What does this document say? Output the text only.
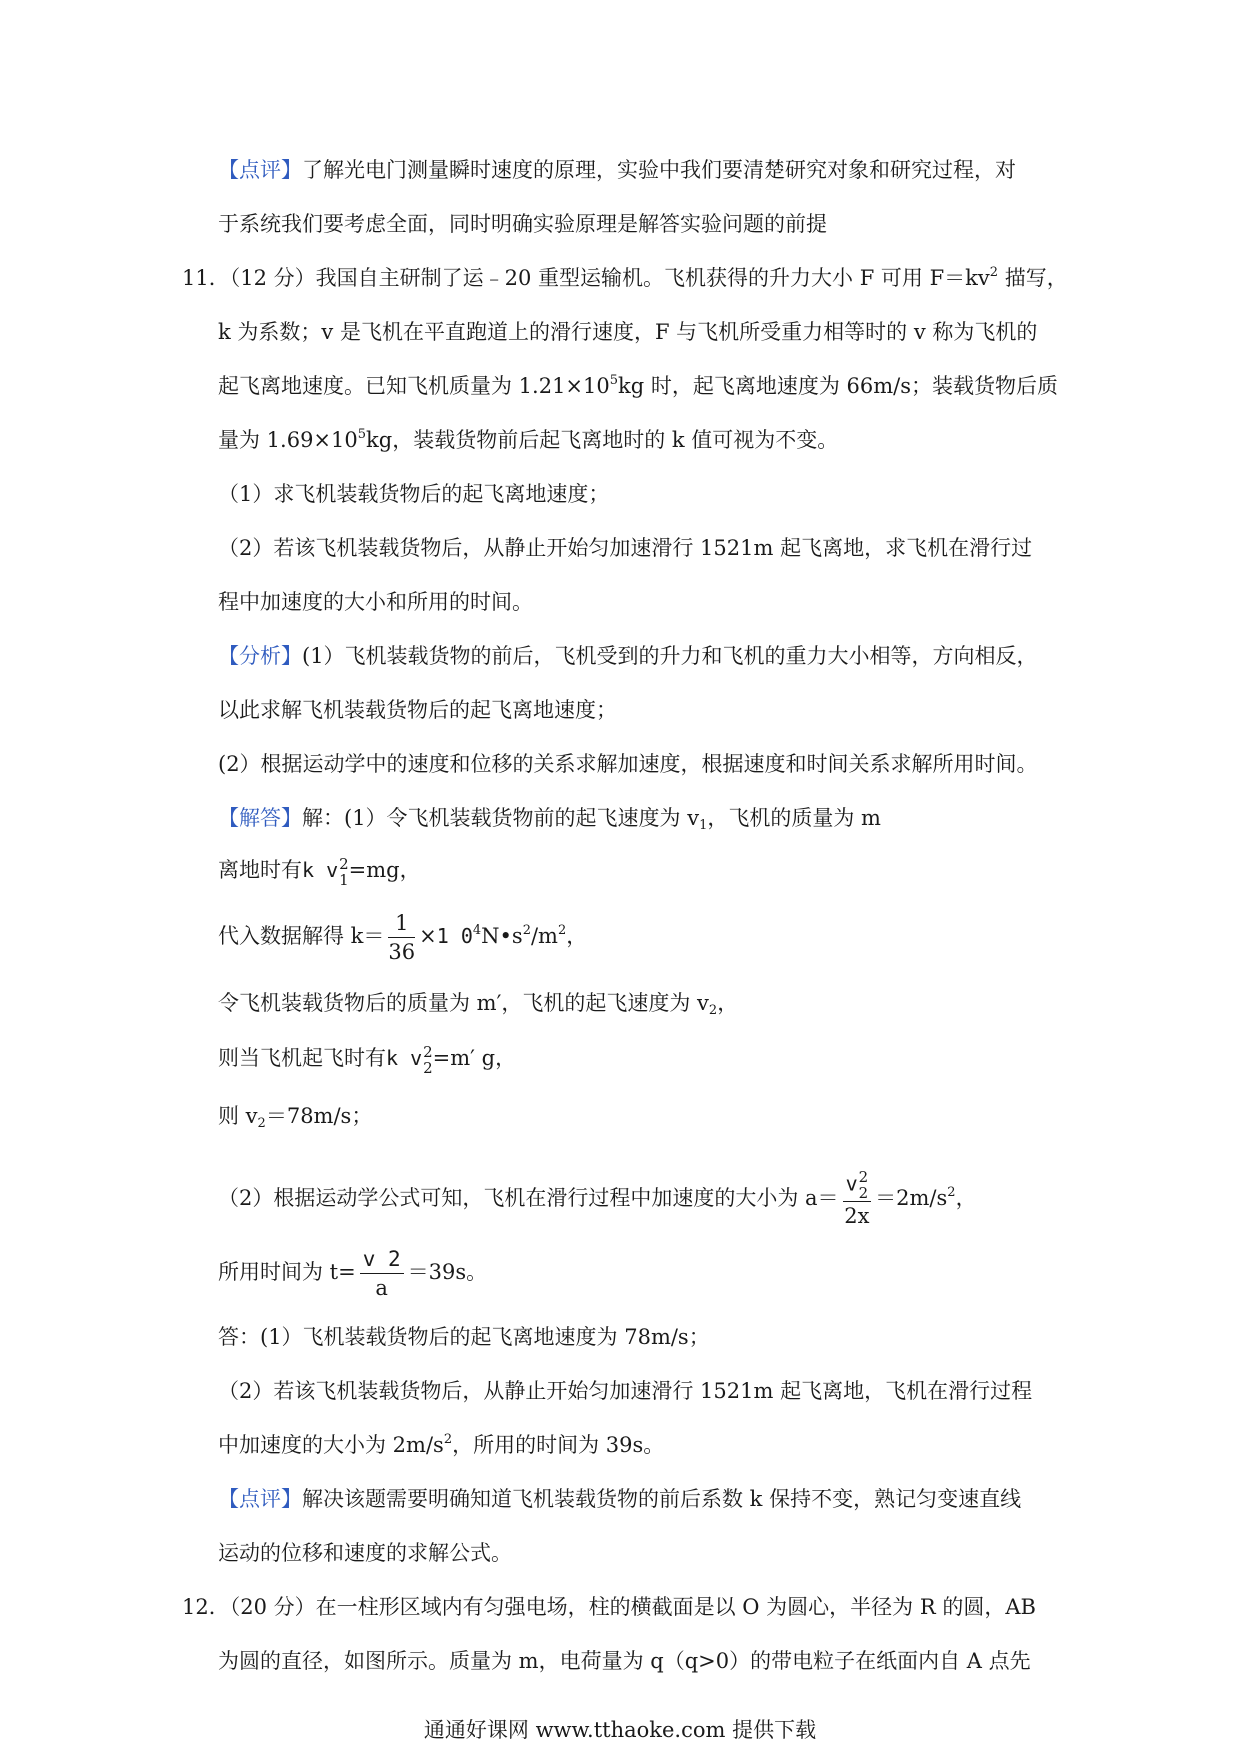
【点评】了解光电门测量瞬时速度的原理，实验中我们要清楚研究对象和研究过程，对
于系统我们要考虑全面，同时明确实验原理是解答实验问题的前提
11．（12 分）我国自主研制了运﹣20 重型运输机。飞机获得的升力大小 F 可用 $F=kv^2$ 描写，
k 为系数；v 是飞机在平直跑道上的滑行速度，F 与飞机所受重力相等时的 v 称为飞机的
起飞离地速度。已知飞机质量为 $1.21\times 10^5kg$ 时，起飞离地速度为 66m/s；装载货物后质
量为 $1.69\times 10^5kg$，装载货物前后起飞离地时的 k 值可视为不变。
（1）求飞机装载货物后的起飞离地速度；
（2）若该飞机装载货物后，从静止开始匀加速滑行 1521m 起飞离地，求飞机在滑行过
程中加速度的大小和所用的时间。
【分析】(1）飞机装载货物的前后，飞机受到的升力和飞机的重力大小相等，方向相反，
以此求解飞机装载货物后的起飞离地速度；
(2）根据运动学中的速度和位移的关系求解加速度，根据速度和时间关系求解所用时间。
【解答】解：(1）令飞机装载货物前的起飞速度为 $v_1$，飞机的质量为 m
离地时有k v 2
1 =mg，
代入数据解得 $k= \frac{1}{36} \times 1$ $0^4N•s^2/m^2$，
令飞机装载货物后的质量为 m′，飞机的起飞速度为 $v_2$，
则当飞机起飞时有k v 2
2 =m′ g，
则 $v_2=78m/s$；
（2）根据运动学公式可知，飞机在滑行过程中加速度的大小为 a＝ v 2
2
$2x =2m/s^2$，
所用时间为 $t= \frac{v 2}{a} =39s$。
答：(1）飞机装载货物后的起飞离地速度为 78m/s；
（2）若该飞机装载货物后，从静止开始匀加速滑行 1521m 起飞离地，飞机在滑行过程
中加速度的大小为 $2m/s^2$，所用的时间为 39s。
【点评】解决该题需要明确知道飞机装载货物的前后系数 k 保持不变，熟记匀变速直线
运动的位移和速度的求解公式。
12．（20 分）在一柱形区域内有匀强电场，柱的横截面是以 O 为圆心，半径为 R 的圆，AB
为圆的直径，如图所示。质量为 m，电荷量为 q（q>0）的带电粒子在纸面内自 A 点先
通通好课网 www.tthaoke.com 提供下载
